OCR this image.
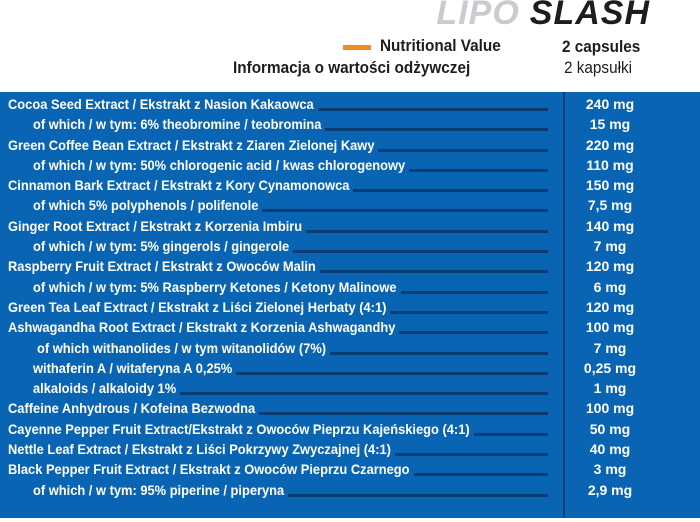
LIPO SLASH
Nutritional Value
Informacja o wartości odżywczej
2 capsules
2 kapsułki
Cocoa Seed Extract / Ekstrakt z Nasion Kakaowca	240 mg
of which / w tym: 6% theobromine / teobromina	15 mg
Green Coffee Bean Extract / Ekstrakt z Ziaren Zielonej Kawy	220 mg
of which / w tym: 50% chlorogenic acid / kwas chlorogenowy	110 mg
Cinnamon Bark Extract / Ekstrakt z Kory Cynamonowca	150 mg
of which 5% polyphenols / polifenole	7,5 mg
Ginger Root Extract / Ekstrakt z Korzenia Imbiru	140 mg
of which / w tym: 5% gingerols / gingerole	7 mg
Raspberry Fruit Extract / Ekstrakt z Owoców Malin	120 mg
of which / w tym: 5% Raspberry Ketones / Ketony Malinowe	6 mg
Green Tea Leaf Extract / Ekstrakt z Liści Zielonej Herbaty (4:1)	120 mg
Ashwagandha Root Extract / Ekstrakt z Korzenia Ashwagandhy	100 mg
of which withanolides / w tym witanolidów (7%)	7 mg
withaferin A / witaferyna A 0,25%	0,25 mg
alkaloids / alkaloidy 1%	1 mg
Caffeine Anhydrous / Kofeina Bezwodna	100 mg
Cayenne Pepper Fruit Extract/Ekstrakt z Owoców Pieprzu Kajeńskiego (4:1)	50 mg
Nettle Leaf Extract / Ekstrakt z Liści Pokrzywy Zwyczajnej (4:1)	40 mg
Black Pepper Fruit Extract / Ekstrakt z Owoców Pieprzu Czarnego	3 mg
of which / w tym: 95% piperine / piperyna	2,9 mg
